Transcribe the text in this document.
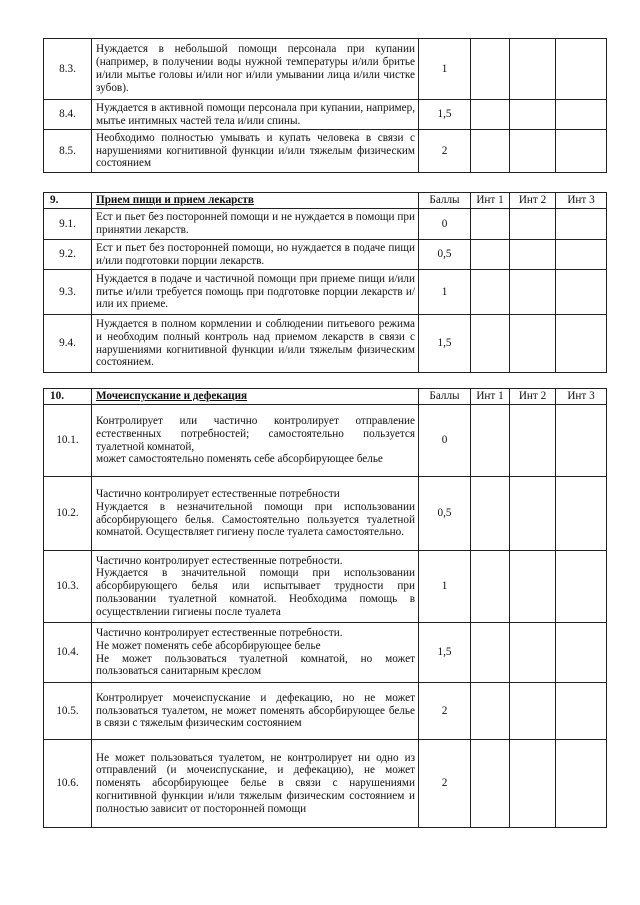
8.3.	Нуждается в небольшой помощи персонала при купании (например, в получении воды нужной температуры и/или бритье и/или мытье головы и/или ног и/или умывании лица и/или чистке зубов).	1			
8.4.	Нуждается в активной помощи персонала при купании, например, мытье интимных частей тела и/или спины.	1,5			
8.5.	Необходимо полностью умывать и купать человека в связи с нарушениями когнитивной функции и/или тяжелым физическим состоянием	2			
9.	Прием пищи и прием лекарств	Баллы	Инт 1	Инт 2	Инт 3
9.1.	Ест и пьет без посторонней помощи и не нуждается в помощи при принятии лекарств.	0			
9.2.	Ест и пьет без посторонней помощи, но нуждается в подаче пищи и/или подготовки порции лекарств.	0,5			
9.3.	Нуждается в подаче и частичной помощи при приеме пищи и/или питье и/или требуется помощь при подготовке порции лекарств и/или их приеме.	1			
9.4.	Нуждается в полном кормлении и соблюдении питьевого режима и необходим полный контроль над приемом лекарств в связи с нарушениями когнитивной функции и/или тяжелым физическим состоянием.	1,5			
10.	Мочеиспускание и дефекация	Баллы	Инт 1	Инт 2	Инт 3
10.1.	Контролирует или частично контролирует отправление естественных потребностей; самостоятельно пользуется туалетной комнатой,
может самостоятельно поменять себе абсорбирующее белье	0			
10.2.	Частично контролирует естественные потребности
Нуждается в незначительной помощи при использовании абсорбирующего белья. Самостоятельно пользуется туалетной комнатой. Осуществляет гигиену после туалета самостоятельно.	0,5			
10.3.	Частично контролирует естественные потребности.
Нуждается в значительной помощи при использовании абсорбирующего белья или испытывает трудности при пользовании туалетной комнатой. Необходима помощь в осуществлении гигиены после туалета	1			
10.4.	Частично контролирует естественные потребности.
Не может поменять себе абсорбирующее белье
Не может пользоваться туалетной комнатой, но может пользоваться санитарным креслом	1,5			
10.5.	Контролирует мочеиспускание и дефекацию, но не может пользоваться туалетом, не может поменять абсорбирующее белье в связи с тяжелым физическим состоянием	2			
10.6.	Не может пользоваться туалетом, не контролирует ни одно из отправлений (и мочеиспускание, и дефекацию), не может поменять абсорбирующее белье в связи с нарушениями когнитивной функции и/или тяжелым физическим состоянием и полностью зависит от посторонней помощи	2			
